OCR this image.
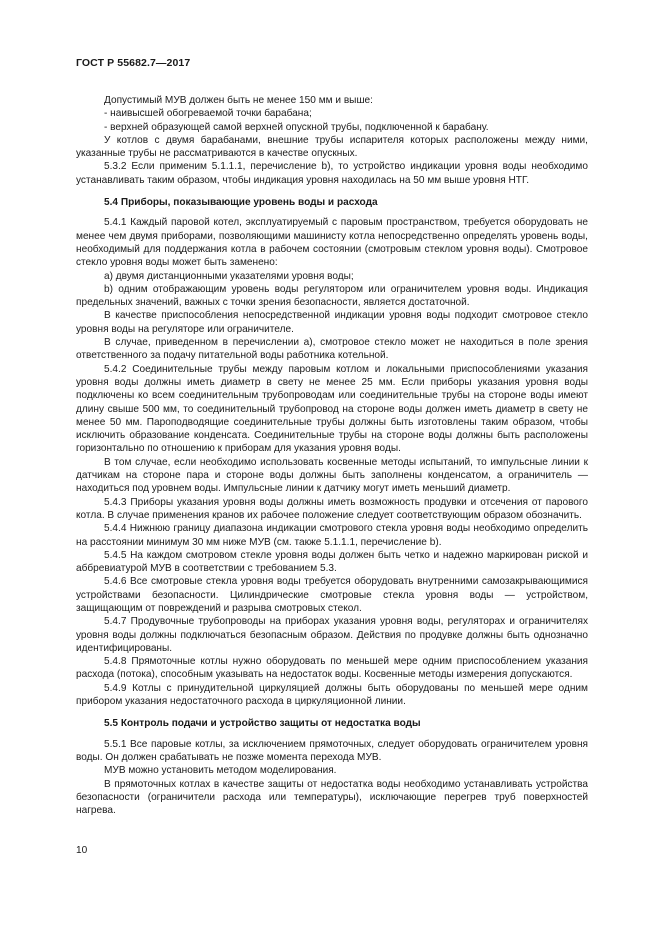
ГОСТ Р 55682.7—2017

Допустимый МУВ должен быть не менее 150 мм и выше:

- наивысшей обогреваемой точки барабана;

- верхней образующей самой верхней опускной трубы, подключенной к барабану.

У котлов с двумя барабанами, внешние трубы испарителя которых расположены между ними, указанные трубы не рассматриваются в качестве опускных.

5.3.2 Если применим 5.1.1.1, перечисление b), то устройство индикации уровня воды необходимо устанавливать таким образом, чтобы индикация уровня находилась на 50 мм выше уровня НТГ.

5.4 Приборы, показывающие уровень воды и расхода

5.4.1 Каждый паровой котел, эксплуатируемый с паровым пространством, требуется оборудовать не менее чем двумя приборами, позволяющими машинисту котла непосредственно определять уровень воды, необходимый для поддержания котла в рабочем состоянии (смотровым стеклом уровня воды). Смотровое стекло уровня воды может быть заменено:

a) двумя дистанционными указателями уровня воды;

b) одним отображающим уровень воды регулятором или ограничителем уровня воды. Индикация предельных значений, важных с точки зрения безопасности, является достаточной.

В качестве приспособления непосредственной индикации уровня воды подходит смотровое стекло уровня воды на регуляторе или ограничителе.

В случае, приведенном в перечислении а), смотровое стекло может не находиться в поле зрения ответственного за подачу питательной воды работника котельной.

5.4.2 Соединительные трубы между паровым котлом и локальными приспособлениями указания уровня воды должны иметь диаметр в свету не менее 25 мм. Если приборы указания уровня воды подключены ко всем соединительным трубопроводам или соединительные трубы на стороне воды имеют длину свыше 500 мм, то соединительный трубопровод на стороне воды должен иметь диаметр в свету не менее 50 мм. Пароподводящие соединительные трубы должны быть изготовлены таким образом, чтобы исключить образование конденсата. Соединительные трубы на стороне воды должны быть расположены горизонтально по отношению к приборам для указания уровня воды.

В том случае, если необходимо использовать косвенные методы испытаний, то импульсные линии к датчикам на стороне пара и стороне воды должны быть заполнены конденсатом, а ограничитель — находиться под уровнем воды. Импульсные линии к датчику могут иметь меньший диаметр.

5.4.3 Приборы указания уровня воды должны иметь возможность продувки и отсечения от парового котла. В случае применения кранов их рабочее положение следует соответствующим образом обозначить.

5.4.4 Нижнюю границу диапазона индикации смотрового стекла уровня воды необходимо определить на расстоянии минимум 30 мм ниже МУВ (см. также 5.1.1.1, перечисление b).

5.4.5 На каждом смотровом стекле уровня воды должен быть четко и надежно маркирован риской и аббревиатурой МУВ в соответствии с требованием 5.3.

5.4.6 Все смотровые стекла уровня воды требуется оборудовать внутренними самозакрывающимися устройствами безопасности. Цилиндрические смотровые стекла уровня воды — устройством, защищающим от повреждений и разрыва смотровых стекол.

5.4.7 Продувочные трубопроводы на приборах указания уровня воды, регуляторах и ограничителях уровня воды должны подключаться безопасным образом. Действия по продувке должны быть однозначно идентифицированы.

5.4.8 Прямоточные котлы нужно оборудовать по меньшей мере одним приспособлением указания расхода (потока), способным указывать на недостаток воды. Косвенные методы измерения допускаются.

5.4.9 Котлы с принудительной циркуляцией должны быть оборудованы по меньшей мере одним прибором указания недостаточного расхода в циркуляционной линии.

5.5 Контроль подачи и устройство защиты от недостатка воды

5.5.1 Все паровые котлы, за исключением прямоточных, следует оборудовать ограничителем уровня воды. Он должен срабатывать не позже момента перехода МУВ.

МУВ можно установить методом моделирования.

В прямоточных котлах в качестве защиты от недостатка воды необходимо устанавливать устройства безопасности (ограничители расхода или температуры), исключающие перегрев труб поверхностей нагрева.

10
